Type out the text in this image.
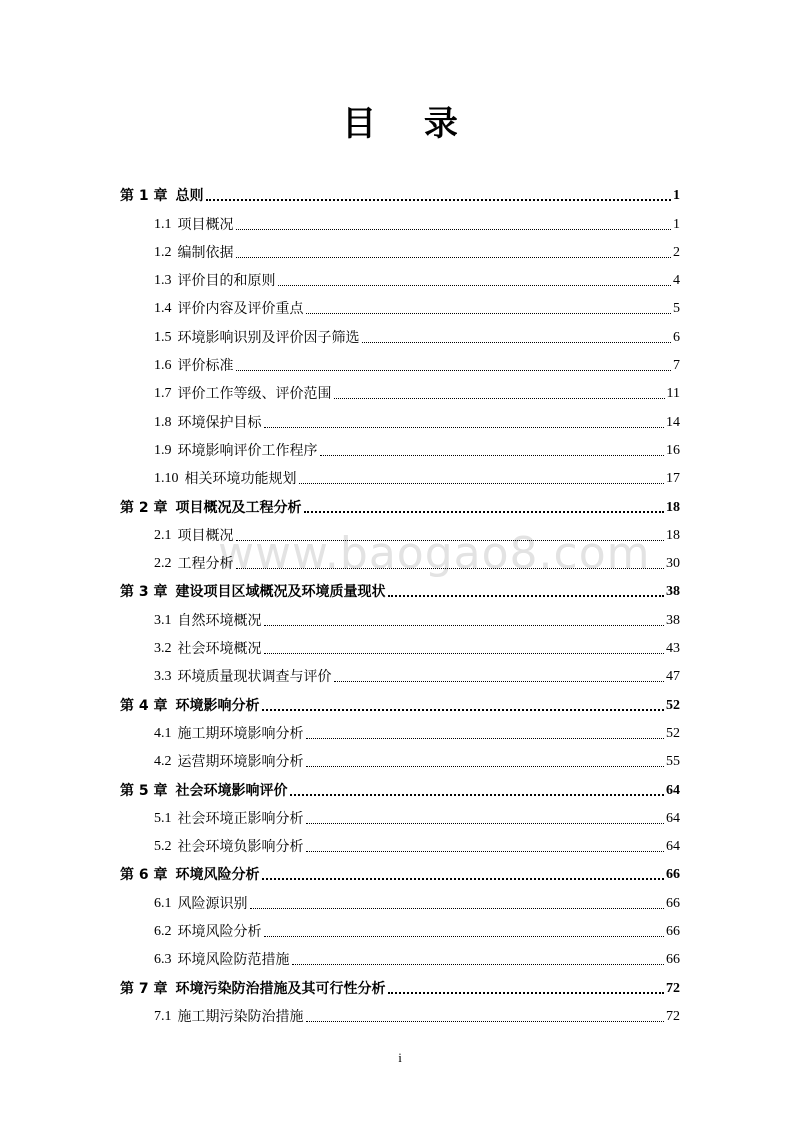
目 录
www.baogao8.com
第 1 章 总则	1
1.1 项目概况	1
1.2 编制依据	2
1.3 评价目的和原则	4
1.4 评价内容及评价重点	5
1.5 环境影响识别及评价因子筛选	6
1.6 评价标准	7
1.7 评价工作等级、评价范围	11
1.8 环境保护目标	14
1.9 环境影响评价工作程序	16
1.10 相关环境功能规划	17
第 2 章 项目概况及工程分析	18
2.1 项目概况	18
2.2 工程分析	30
第 3 章 建设项目区域概况及环境质量现状	38
3.1 自然环境概况	38
3.2 社会环境概况	43
3.3 环境质量现状调查与评价	47
第 4 章 环境影响分析	52
4.1 施工期环境影响分析	52
4.2 运营期环境影响分析	55
第 5 章 社会环境影响评价	64
5.1 社会环境正影响分析	64
5.2 社会环境负影响分析	64
第 6 章 环境风险分析	66
6.1 风险源识别	66
6.2 环境风险分析	66
6.3 环境风险防范措施	66
第 7 章 环境污染防治措施及其可行性分析	72
7.1 施工期污染防治措施	72
i
